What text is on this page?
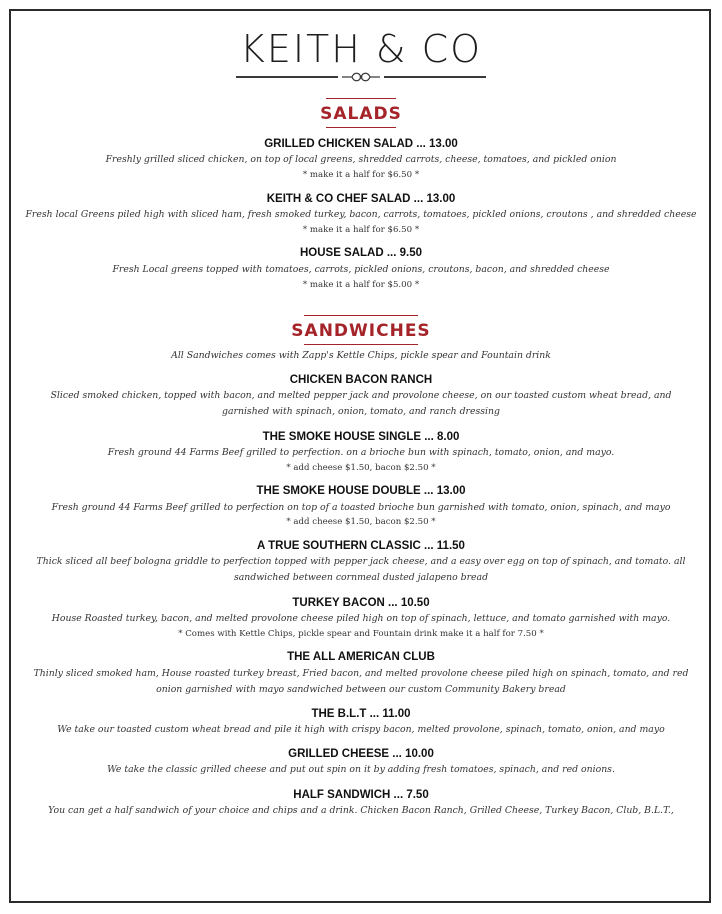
KEITH & CO
SALADS
GRILLED CHICKEN SALAD ... 13.00
Freshly grilled sliced chicken, on top of local greens, shredded carrots, cheese, tomatoes, and pickled onion
* make it a half for $6.50 *
KEITH & CO CHEF SALAD ... 13.00
Fresh local Greens piled high with sliced ham, fresh smoked turkey, bacon, carrots, tomatoes, pickled onions, croutons , and shredded cheese
* make it a half for $6.50 *
HOUSE SALAD ... 9.50
Fresh Local greens topped with tomatoes, carrots, pickled onions, croutons, bacon, and shredded cheese
* make it a half for $5.00 *
SANDWICHES
All Sandwiches comes with Zapp's Kettle Chips, pickle spear and Fountain drink
CHICKEN BACON RANCH
Sliced smoked chicken, topped with bacon, and melted pepper jack and provolone cheese, on our toasted custom wheat bread, and garnished with spinach, onion, tomato, and ranch dressing
THE SMOKE HOUSE SINGLE ... 8.00
Fresh ground 44 Farms Beef grilled to perfection. on a brioche bun with spinach, tomato, onion, and mayo.
* add cheese $1.50, bacon $2.50 *
THE SMOKE HOUSE DOUBLE ... 13.00
Fresh ground 44 Farms Beef grilled to perfection on top of a toasted brioche bun garnished with tomato, onion, spinach, and mayo
* add cheese $1.50, bacon $2.50 *
A TRUE SOUTHERN CLASSIC ... 11.50
Thick sliced all beef bologna griddle to perfection topped with pepper jack cheese, and a easy over egg on top of spinach, and tomato. all sandwiched between cornmeal dusted jalapeno bread
TURKEY BACON ... 10.50
House Roasted turkey, bacon, and melted provolone cheese piled high on top of spinach, lettuce, and tomato garnished with mayo.
* Comes with Kettle Chips, pickle spear and Fountain drink make it a half for 7.50 *
THE ALL AMERICAN CLUB
Thinly sliced smoked ham, House roasted turkey breast, Fried bacon, and melted provolone cheese piled high on spinach, tomato, and red onion garnished with mayo sandwiched between our custom Community Bakery bread
THE B.L.T ... 11.00
We take our toasted custom wheat bread and pile it high with crispy bacon, melted provolone, spinach, tomato, onion, and mayo
GRILLED CHEESE ... 10.00
We take the classic grilled cheese and put out spin on it by adding fresh tomatoes, spinach, and red onions.
HALF SANDWICH ... 7.50
You can get a half sandwich of your choice and chips and a drink. Chicken Bacon Ranch, Grilled Cheese, Turkey Bacon, Club, B.L.T.,
